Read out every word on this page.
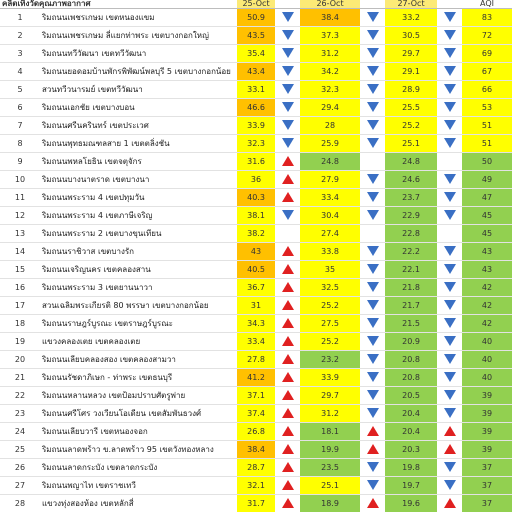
คลิตเทิ้งวัดคุณภาพอากาศ		25-Oct		26-Oct		27-Oct		AQI
1	ริมถนนเพชรเกษม เขตหนองแขม	50.9		38.4		33.2		83
2	ริมถนนเพชรเกษม ลี่แยกท่าพระ เขตบางกอกใหญ่	43.5		37.3		30.5		72
3	ริมถนนทวีวัฒนา เขตทวีวัฒนา	35.4		31.2		29.7		69
4	ริมถนนยอดอมบ้านพักรพิพัฒน์พลบุรี 5 เขตบางกอกน้อย	43.4		34.2		29.1		67
5	สวนทวีวนารมย์ เขตทวีวัฒนา	33.1		32.3		28.9		66
6	ริมถนนเอกชัย เขตบางบอน	46.6		29.4		25.5		53
7	ริมถนนศรีนครินทร์ เขตประเวศ	33.9		28		25.2		51
8	ริมถนนพุทธมณฑลสาย 1 เขตตลิ่งชัน	32.3		25.9		25.1		51
9	ริมถนนพหลโยธิน เขตจตุจักร	31.6		24.8		24.8		50
10	ริมถนนบางนาตราด เขตบางนา	36		27.9		24.6		49
11	ริมถนนพระราม 4 เขตปทุมวัน	40.3		33.4		23.7		47
12	ริมถนนพระราม 4 เขตภาษีเจริญ	38.1		30.4		22.9		45
13	ริมถนนพระราม 2 เขตบางขุนเทียน	38.2		27.4		22.8		45
14	ริมถนนราชิวาส เขตบางรัก	43		33.8		22.2		43
15	ริมถนนเจริญนคร เขตคลองสาน	40.5		35		22.1		43
16	ริมถนนพระราม 3 เขตยานนาวา	36.7		32.5		21.8		42
17	สวนเฉลิมพระเกียรติ 80 พรรษา เขตบางกอกน้อย	31		25.2		21.7		42
18	ริมถนนราษฎร์บูรณะ เขตราษฎร์บูรณะ	34.3		27.5		21.5		42
19	แขวงคลองเตย เขตคลองเตย	33.4		25.2		20.9		40
20	ริมถนนเลียบคลองสอง เขตคลองสามวา	27.8		23.2		20.8		40
21	ริมถนนรัชดาภิเษก - ท่าพระ เขตธนบุรี	41.2		33.9		20.8		40
22	ริมถนนหลานหลวง เขตป้อมปราบศัตรูพ่าย	37.1		29.7		20.5		39
23	ริมถนนศรีโศร วงเวียนโอเดียน เขตสัมพันธวงศ์	37.4		31.2		20.4		39
24	ริมถนนเลียบวารี เขตหนองจอก	26.8		18.1		20.4		39
25	ริมถนนลาดพร้าว ข.ลาดพร้าว 95 เขตวังทองหลาง	38.4		19.9		20.3		39
26	ริมถนนลาดกระบัง เขตลาดกระบัง	28.7		23.5		19.8		37
27	ริมถนนพญาไท เขตราชเทวี	32.1		25.1		19.7		37
28	แขวงทุ่งสองห้อง เขตหลักสี่	31.7		18.9		19.6		37
